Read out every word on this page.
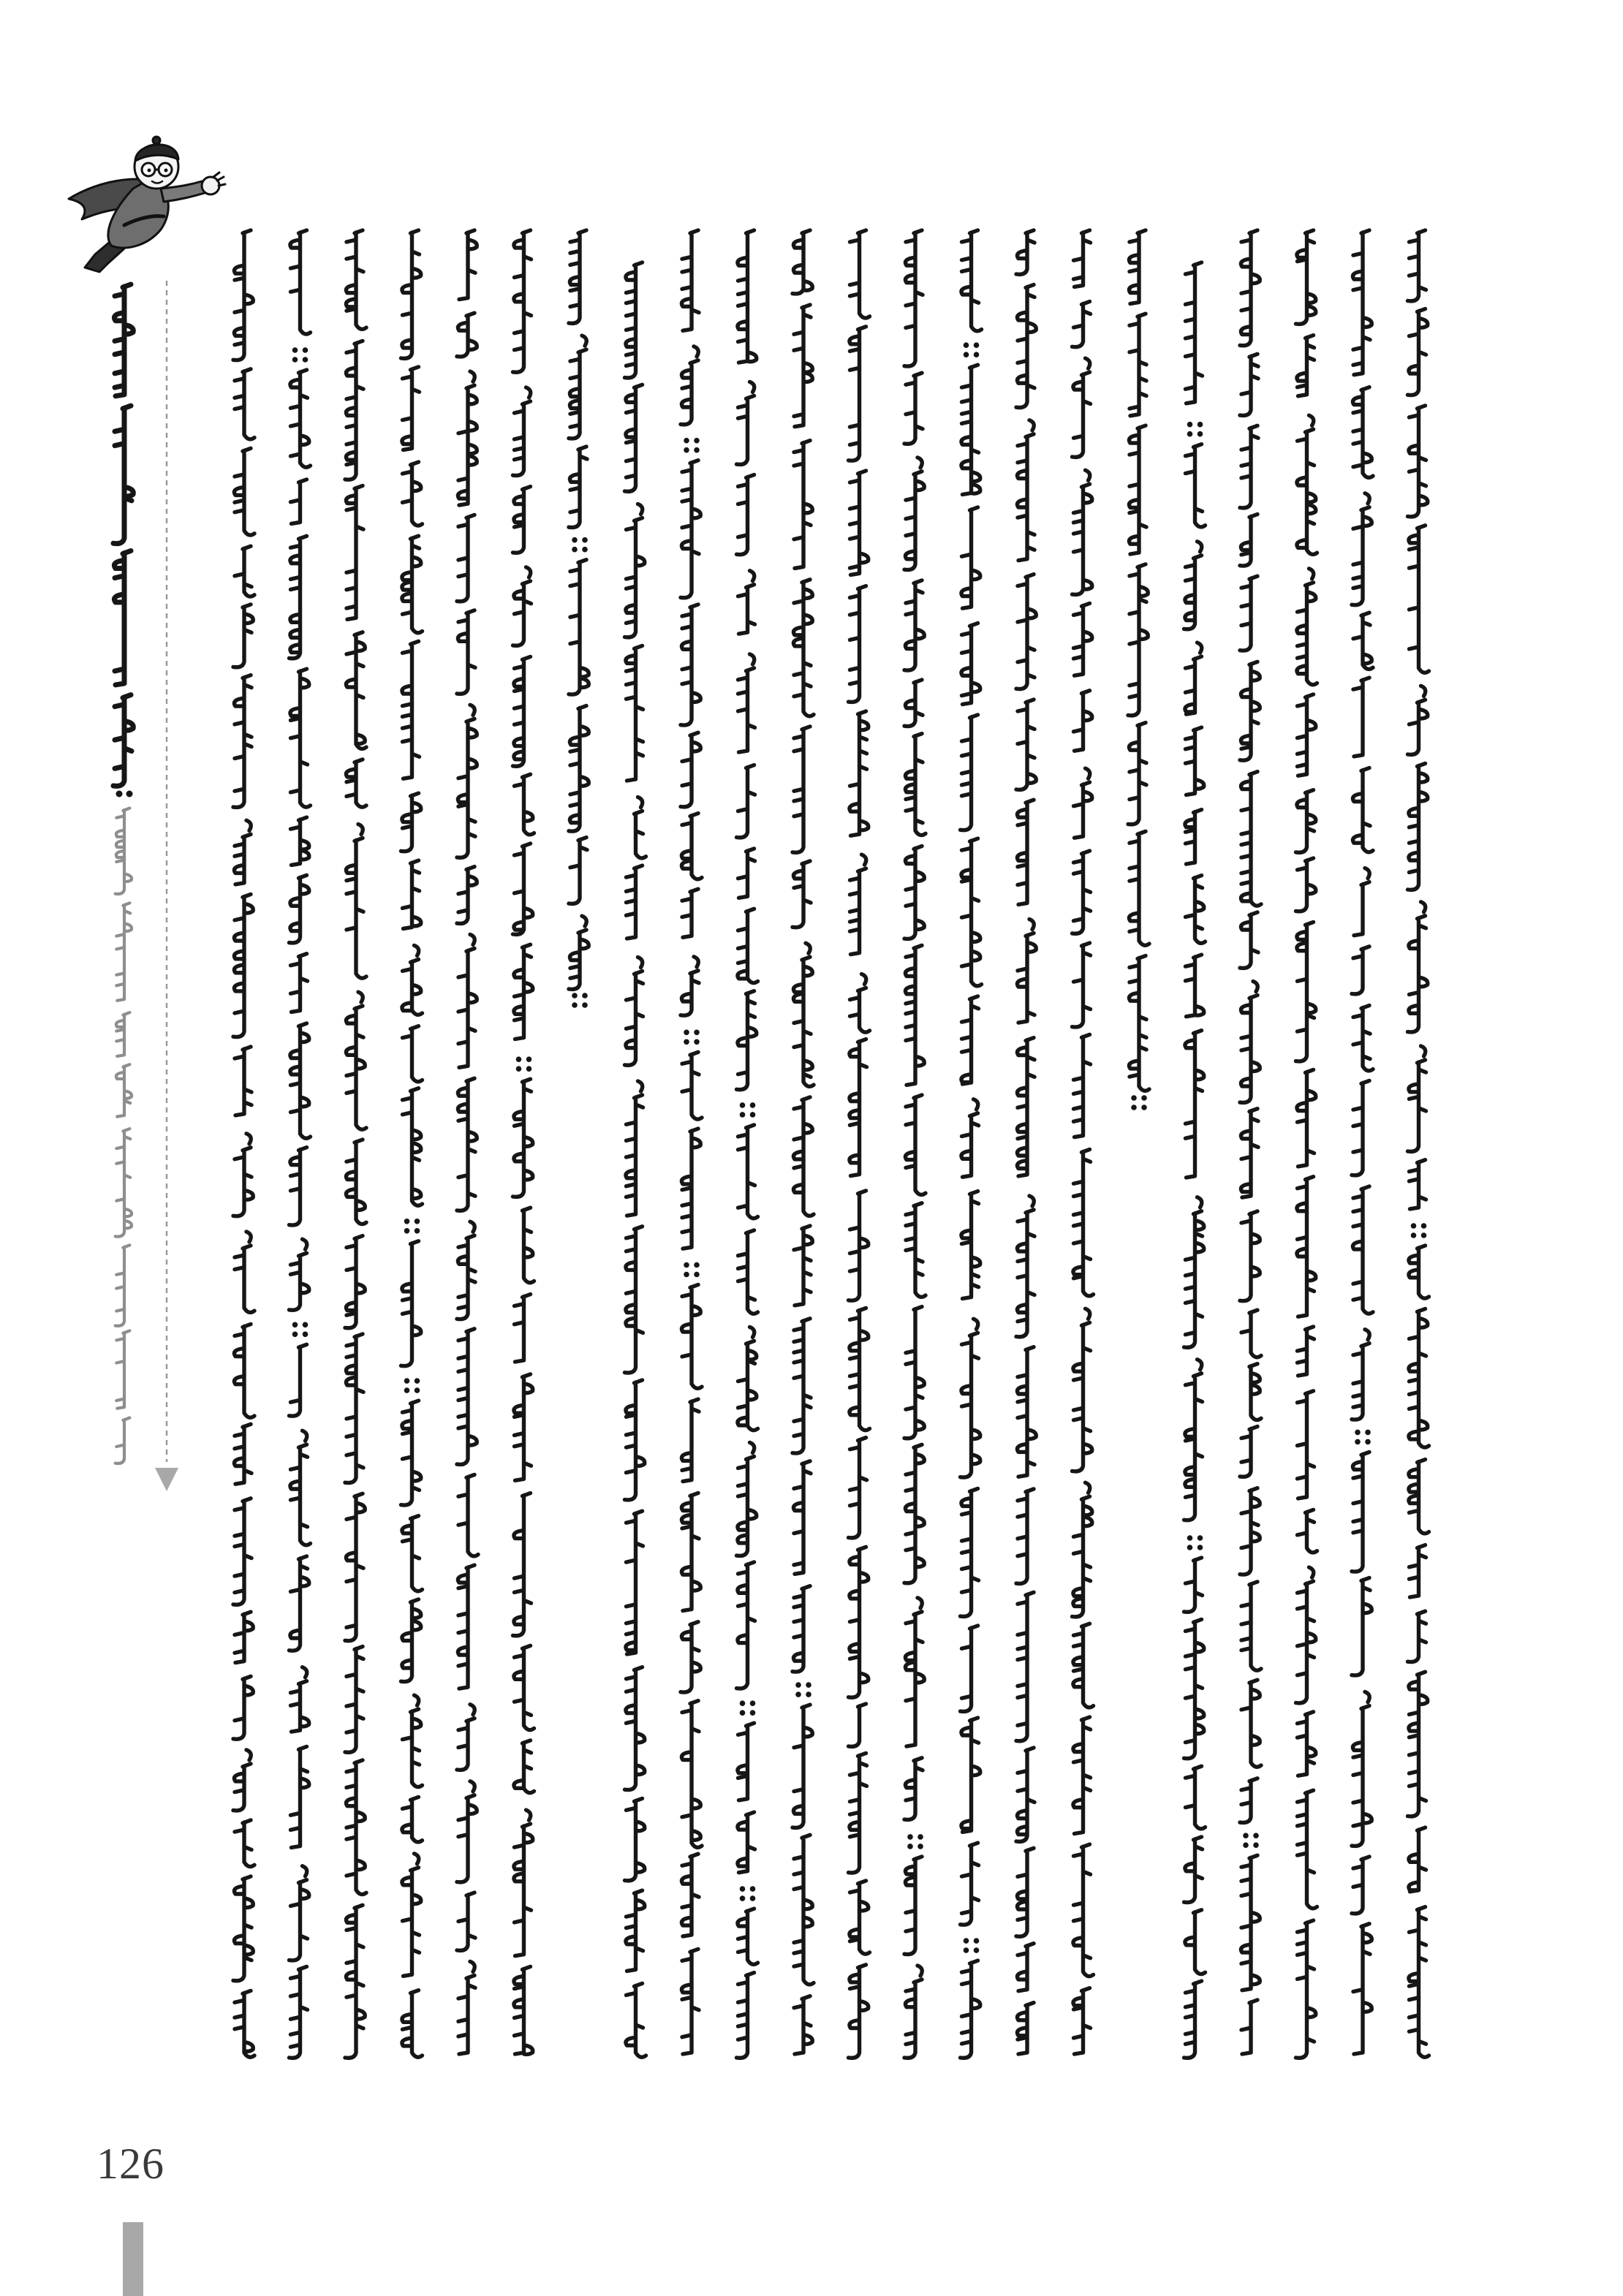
126
